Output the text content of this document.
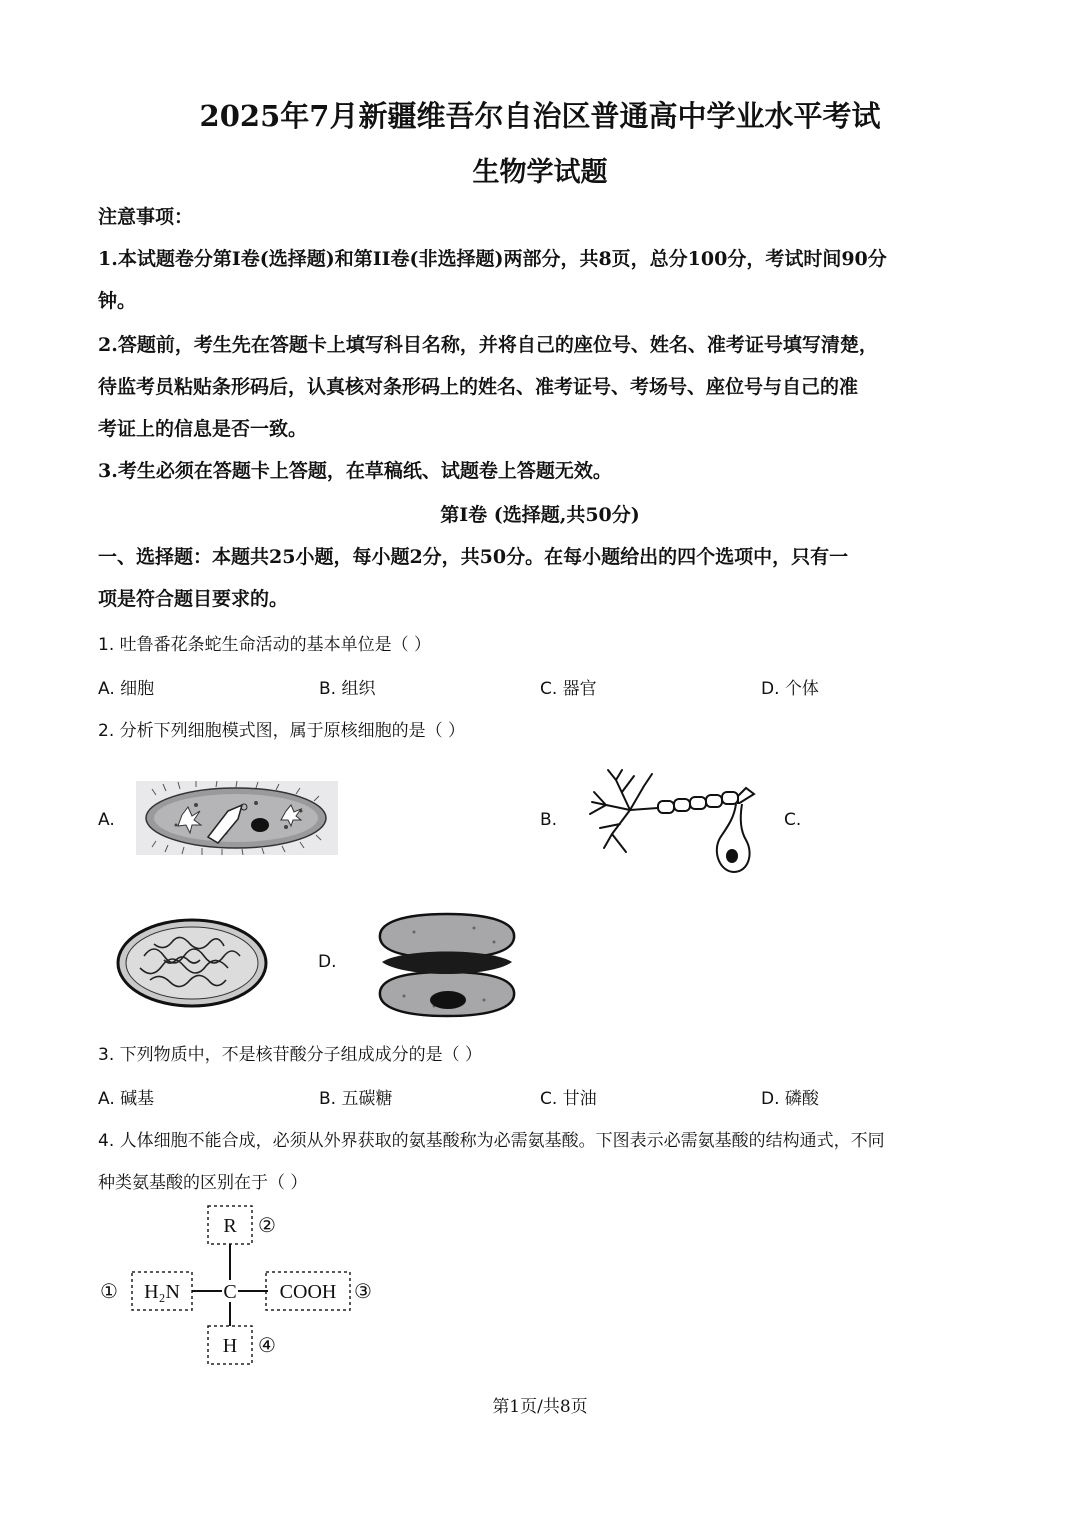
2025年7月新疆维吾尔自治区普通高中学业水平考试
生物学试题
注意事项：
1.本试题卷分第I卷(选择题)和第II卷(非选择题)两部分，共8页，总分100分，考试时间90分
钟。
2.答题前，考生先在答题卡上填写科目名称，并将自己的座位号、姓名、准考证号填写清楚，
待监考员粘贴条形码后，认真核对条形码上的姓名、准考证号、考场号、座位号与自己的准
考证上的信息是否一致。
3.考生必须在答题卡上答题，在草稿纸、试题卷上答题无效。
第I卷 (选择题,共50分)
一、选择题：本题共25小题，每小题2分，共50分。在每小题给出的四个选项中，只有一
项是符合题目要求的。
1. 吐鲁番花条蛇生命活动的基本单位是（ ）
A. 细胞	B. 组织	C. 器官	D. 个体
2. 分析下列细胞模式图，属于原核细胞的是（ ）
A.	B.	C.
D.
3. 下列物质中，不是核苷酸分子组成成分的是（ ）
A. 碱基	B. 五碳糖	C. 甘油	D. 磷酸
4. 人体细胞不能合成，必须从外界获取的氨基酸称为必需氨基酸。下图表示必需氨基酸的结构通式，不同
种类氨基酸的区别在于（ ）
R
H₂N C COOH
H
①
②
③
④
第1页/共8页
